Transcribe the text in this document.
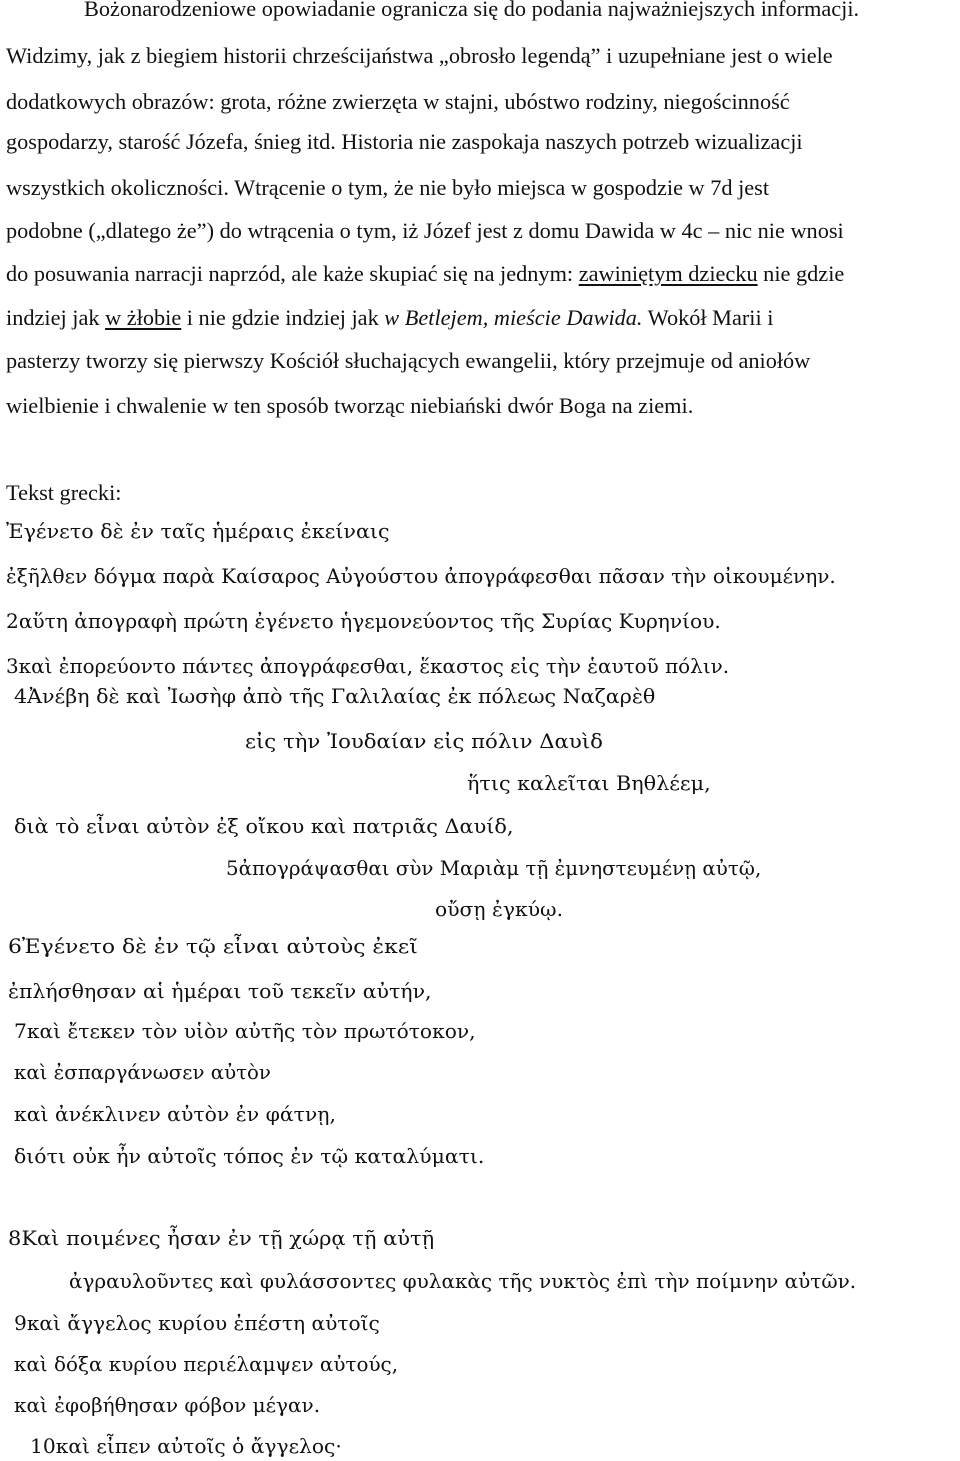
Bożonarodzeniowe opowiadanie ogranicza się do podania najważniejszych informacji.
Widzimy, jak z biegiem historii chrześcijaństwa „obrosło legendą” i uzupełniane jest o wiele
dodatkowych obrazów: grota, różne zwierzęta w stajni, ubóstwo rodziny, niegościnność
gospodarzy, starość Józefa, śnieg itd. Historia nie zaspokaja naszych potrzeb wizualizacji
wszystkich okoliczności. Wtrącenie o tym, że nie było miejsca w gospodzie w 7d jest
podobne („dlatego że”) do wtrącenia o tym, iż Józef jest z domu Dawida w 4c – nic nie wnosi
do posuwania narracji naprzód, ale każe skupiać się na jednym: zawiniętym dziecku nie gdzie
indziej jak w żłobie i nie gdzie indziej jak w Betlejem, mieście Dawida. Wokół Marii i
pasterzy tworzy się pierwszy Kościół słuchających ewangelii, który przejmuje od aniołów
wielbienie i chwalenie w ten sposób tworząc niebiański dwór Boga na ziemi.
Tekst grecki:
Ἐγένετο δὲ ἐν ταῖς ἡμέραις ἐκείναις
ἐξῆλθεν δόγμα παρὰ Καίσαρος Αὐγούστου ἀπογράφεσθαι πᾶσαν τὴν οἰκουμένην.
2αὕτη ἀπογραφὴ πρώτη ἐγένετο ἡγεμονεύοντος τῆς Συρίας Κυρηνίου.
3καὶ ἐπορεύοντο πάντες ἀπογράφεσθαι, ἕκαστος εἰς τὴν ἑαυτοῦ πόλιν.
4Ἀνέβη δὲ καὶ Ἰωσὴφ ἀπὸ τῆς Γαλιλαίας ἐκ πόλεως Ναζαρὲθ
εἰς τὴν Ἰουδαίαν εἰς πόλιν Δαυὶδ
ἥτις καλεῖται Βηθλέεμ,
διὰ τὸ εἶναι αὐτὸν ἐξ οἴκου καὶ πατριᾶς Δαυίδ,
5ἀπογράψασθαι σὺν Μαριὰμ τῇ ἐμνηστευμένῃ αὐτῷ,
οὔσῃ ἐγκύῳ.
6Ἐγένετο δὲ ἐν τῷ εἶναι αὐτοὺς ἐκεῖ
ἐπλήσθησαν αἱ ἡμέραι τοῦ τεκεῖν αὐτήν,
7καὶ ἔτεκεν τὸν υἱὸν αὐτῆς τὸν πρωτότοκον,
καὶ ἐσπαργάνωσεν αὐτὸν
καὶ ἀνέκλινεν αὐτὸν ἐν φάτνῃ,
διότι οὐκ ἦν αὐτοῖς τόπος ἐν τῷ καταλύματι.
8Καὶ ποιμένες ἦσαν ἐν τῇ χώρᾳ τῇ αὐτῇ
ἀγραυλοῦντες καὶ φυλάσσοντες φυλακὰς τῆς νυκτὸς ἐπὶ τὴν ποίμνην αὐτῶν.
9καὶ ἄγγελος κυρίου ἐπέστη αὐτοῖς
καὶ δόξα κυρίου περιέλαμψεν αὐτούς,
καὶ ἐφοβήθησαν φόβον μέγαν.
10καὶ εἶπεν αὐτοῖς ὁ ἄγγελος·
